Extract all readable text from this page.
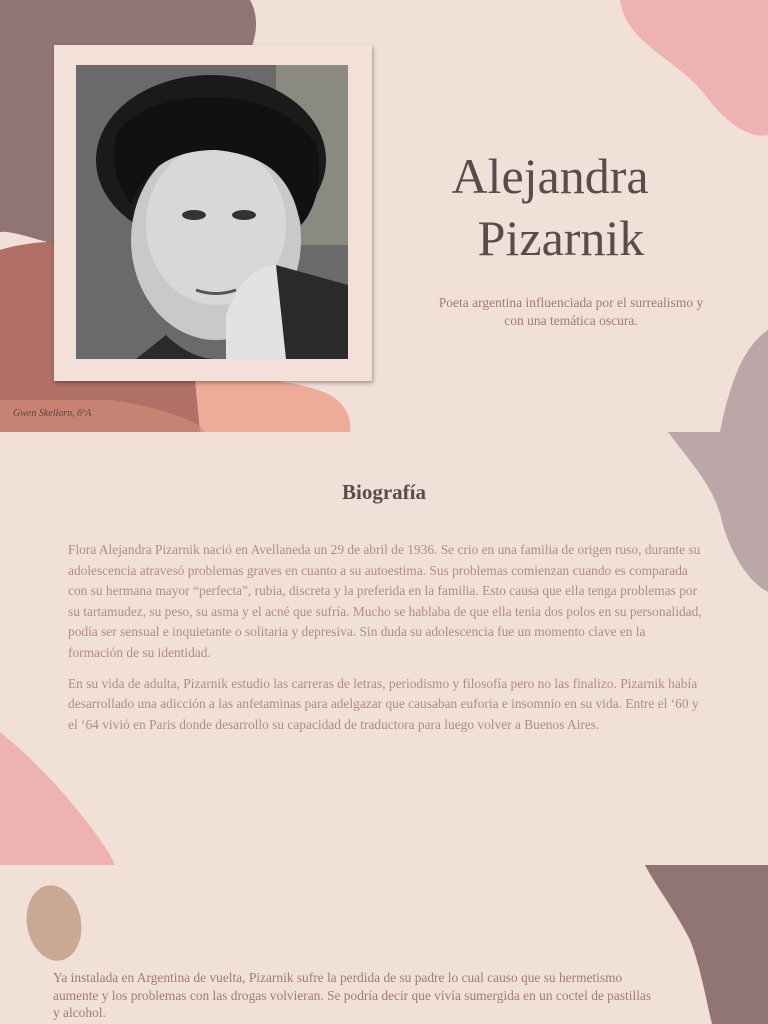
Alejandra
Pizarnik
Poeta argentina influenciada por el surrealismo y con una temática oscura.
Gwen Skellorn, 6ºA
Biografía

Flora Alejandra Pizarnik nació en Avellaneda un 29 de abril de 1936. Se crio en una familia de origen ruso, durante su adolescencia atravesó problemas graves en cuanto a su autoestima. Sus problemas comienzan cuando es comparada con su hermana mayor “perfecta”, rubia, discreta y la preferida en la familia. Esto causa que ella tenga problemas por su tartamudez, su peso, su asma y el acné que sufría. Mucho se hablaba de que ella tenia dos polos en su personalidad, podía ser sensual e inquietante o solitaria y depresiva. Sin duda su adolescencia fue un momento clave en la formación de su identidad.

En su vida de adulta, Pizarnik estudio las carreras de letras, periodismo y filosofía pero no las finalizo. Pizarnik había desarrollado una adicción a las anfetaminas para adelgazar que causaban euforia e insomnio en su vida. Entre el ‘60 y el ‘64 vivió en Paris donde desarrollo su capacidad de traductora para luego volver a Buenos Aires.

Ya instalada en Argentina de vuelta, Pizarnik sufre la perdida de su padre lo cual causo que su hermetismo aumente y los problemas con las drogas volvieran. Se podría decir que vivía sumergida en un coctel de pastillas y alcohol.
